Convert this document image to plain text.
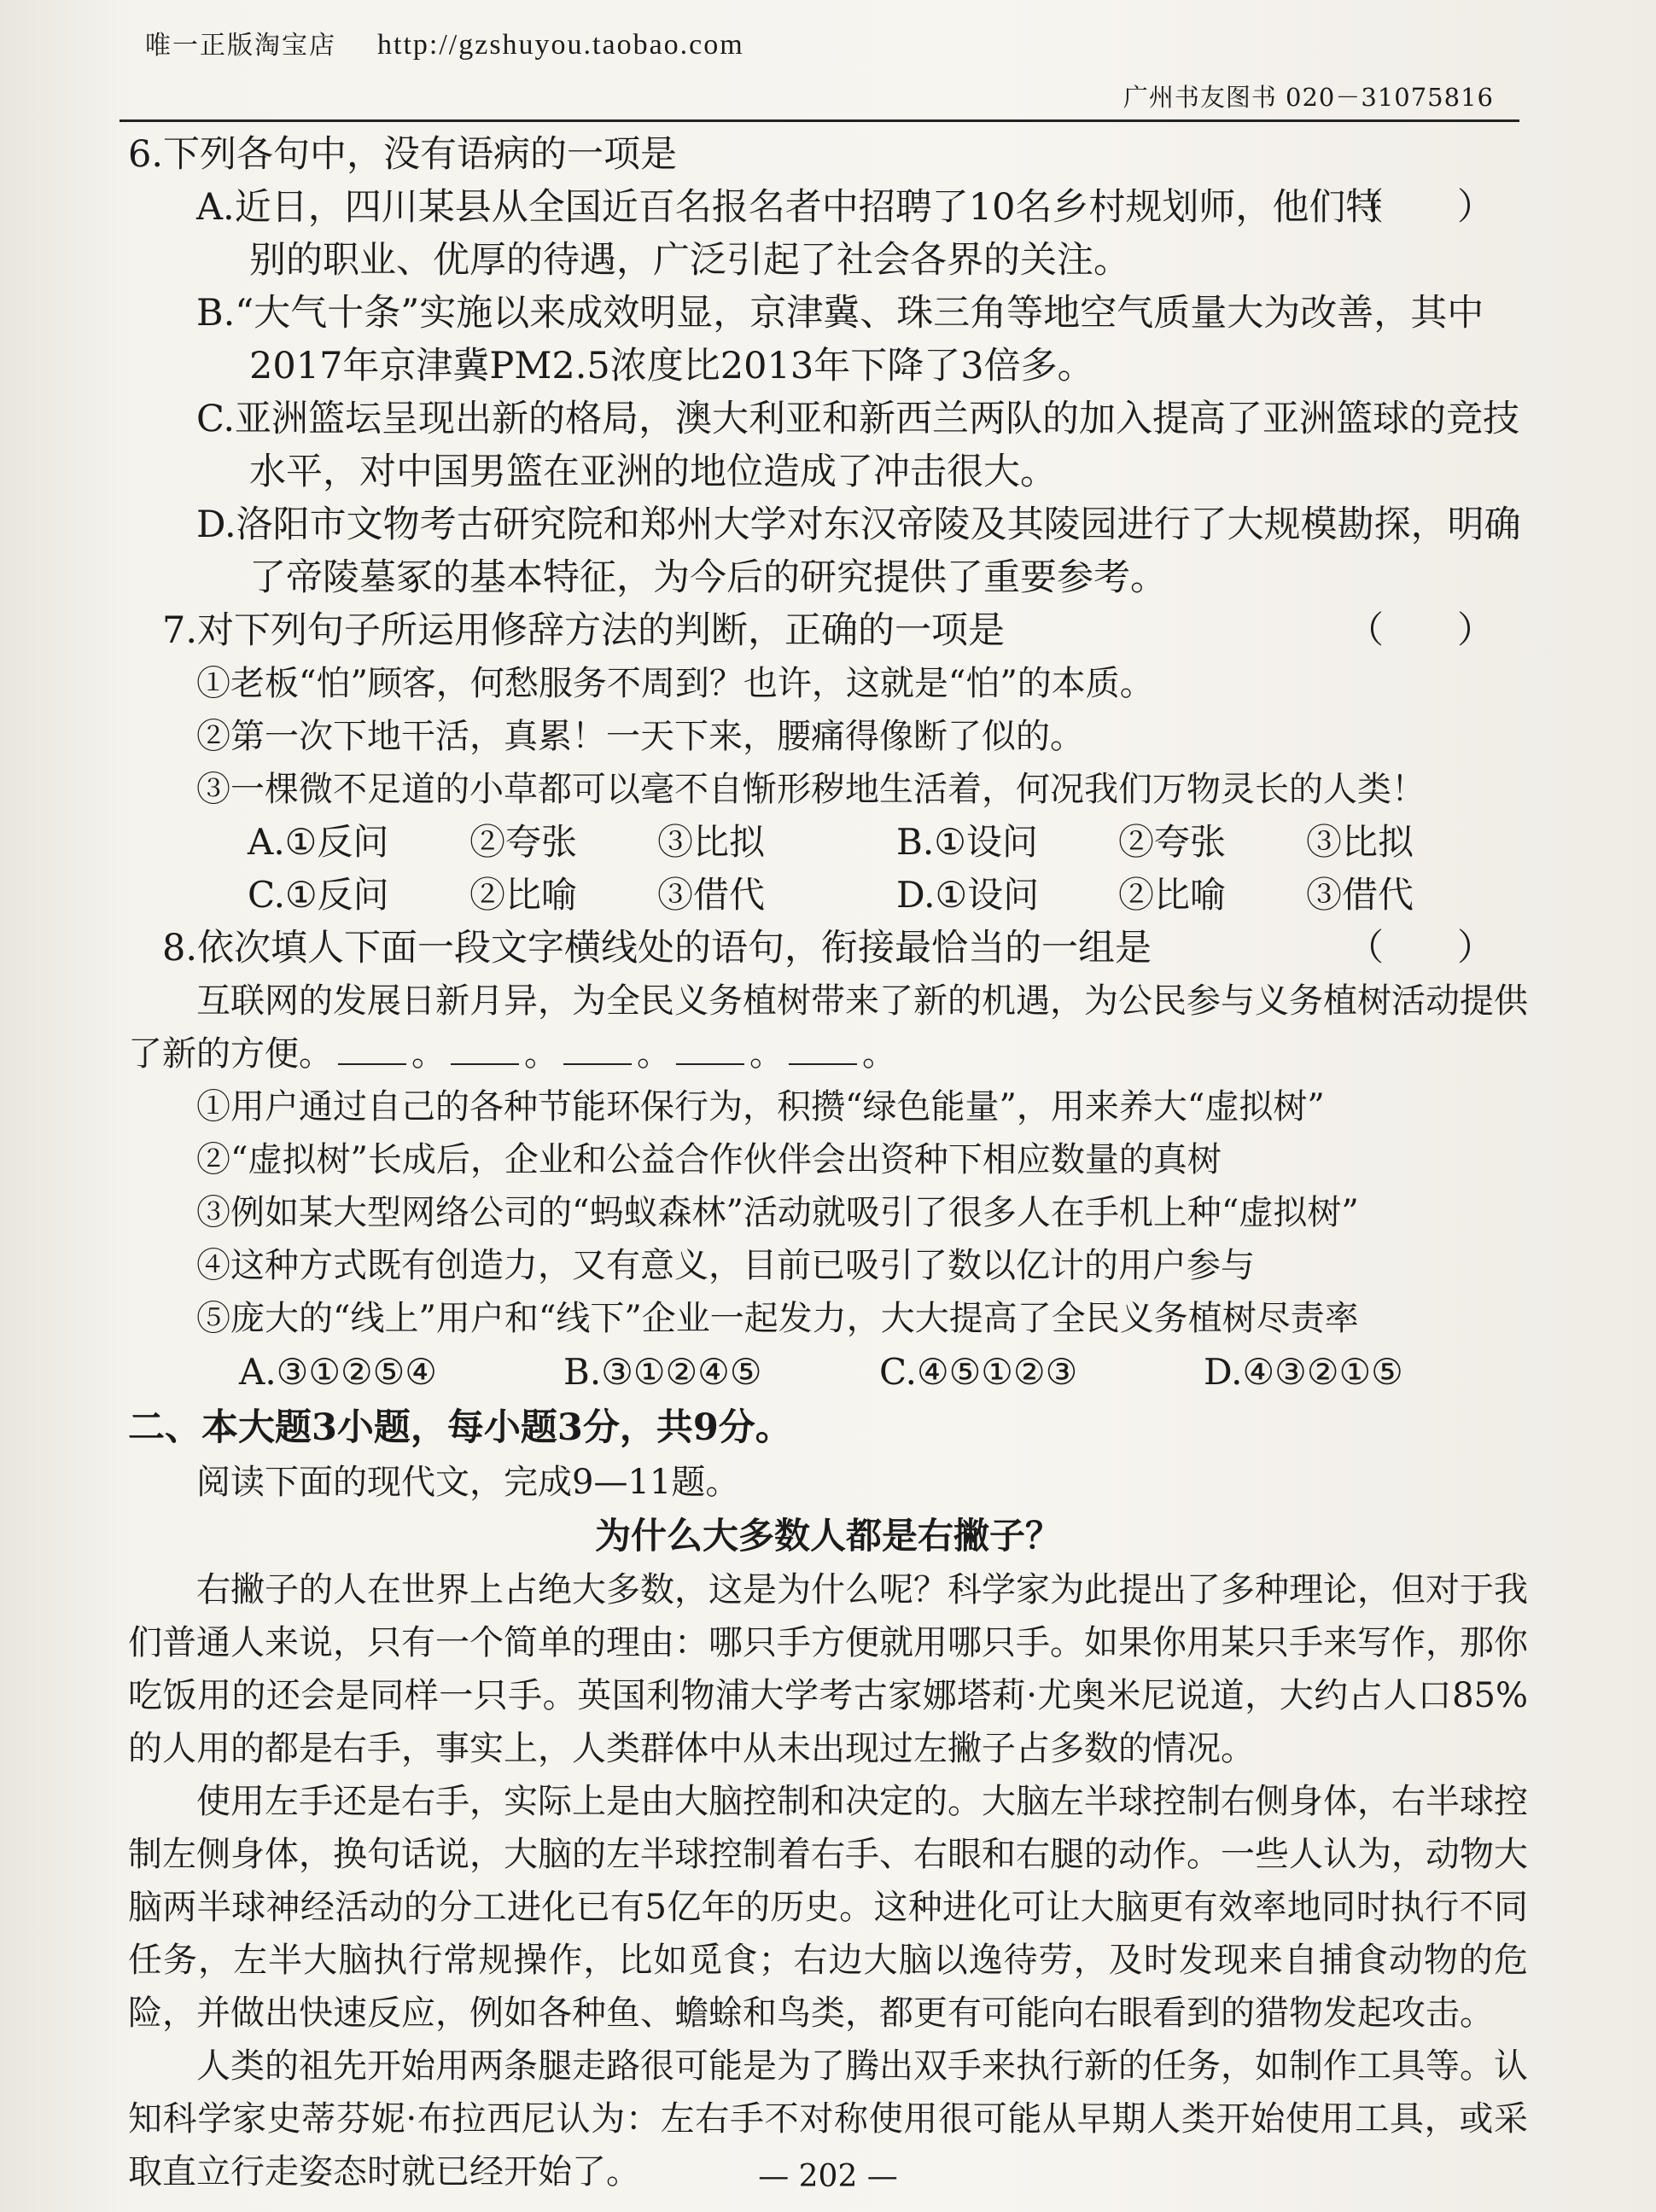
唯一正版淘宝店 http://gzshuyou.taobao.com
广州书友图书 020－31075816

6.下列各句中，没有语病的一项是

（　　）
A.近日，四川某县从全国近百名报名者中招聘了10名乡村规划师，他们特别的职业、优厚的待遇，广泛引起了社会各界的关注。

B.“大气十条”实施以来成效明显，京津冀、珠三角等地空气质量大为改善，其中2017年京津冀PM2.5浓度比2013年下降了3倍多。

C.亚洲篮坛呈现出新的格局，澳大利亚和新西兰两队的加入提高了亚洲篮球的竞技水平，对中国男篮在亚洲的地位造成了冲击很大。

D.洛阳市文物考古研究院和郑州大学对东汉帝陵及其陵园进行了大规模勘探，明确了帝陵墓冢的基本特征，为今后的研究提供了重要参考。

（　　）
7.对下列句子所运用修辞方法的判断，正确的一项是

①老板“怕”顾客，何愁服务不周到？也许，这就是“怕”的本质。

②第一次下地干活，真累！一天下来，腰痛得像断了似的。

③一棵微不足道的小草都可以毫不自惭形秽地生活着，何况我们万物灵长的人类！

A.①反问	②夸张	③比拟	B.①设问	②夸张	③比拟
C.①反问	②比喻	③借代	D.①设问	②比喻	③借代

（　　）
8.依次填人下面一段文字横线处的语句，衔接最恰当的一组是

互联网的发展日新月异，为全民义务植树带来了新的机遇，为公民参与义务植树活动提供了新的方便。 。 。 。 。 。

①用户通过自己的各种节能环保行为，积攒“绿色能量”，用来养大“虚拟树”

②“虚拟树”长成后，企业和公益合作伙伴会出资种下相应数量的真树

③例如某大型网络公司的“蚂蚁森林”活动就吸引了很多人在手机上种“虚拟树”

④这种方式既有创造力，又有意义，目前已吸引了数以亿计的用户参与

⑤庞大的“线上”用户和“线下”企业一起发力，大大提高了全民义务植树尽责率

A.③①②⑤④	B.③①②④⑤	C.④⑤①②③	D.④③②①⑤

二、本大题3小题，每小题3分，共9分。

阅读下面的现代文，完成9—11题。

为什么大多数人都是右撇子？

右撇子的人在世界上占绝大多数，这是为什么呢？科学家为此提出了多种理论，但对于我们普通人来说，只有一个简单的理由：哪只手方便就用哪只手。如果你用某只手来写作，那你吃饭用的还会是同样一只手。英国利物浦大学考古家娜塔莉·尤奥米尼说道，大约占人口85%的人用的都是右手，事实上，人类群体中从未出现过左撇子占多数的情况。

使用左手还是右手，实际上是由大脑控制和决定的。大脑左半球控制右侧身体，右半球控制左侧身体，换句话说，大脑的左半球控制着右手、右眼和右腿的动作。一些人认为，动物大脑两半球神经活动的分工进化已有5亿年的历史。这种进化可让大脑更有效率地同时执行不同任务，左半大脑执行常规操作，比如觅食；右边大脑以逸待劳，及时发现来自捕食动物的危险，并做出快速反应，例如各种鱼、蟾蜍和鸟类，都更有可能向右眼看到的猎物发起攻击。

人类的祖先开始用两条腿走路很可能是为了腾出双手来执行新的任务，如制作工具等。认知科学家史蒂芬妮·布拉西尼认为：左右手不对称使用很可能从早期人类开始使用工具，或采取直立行走姿态时就已经开始了。	— 202 —
